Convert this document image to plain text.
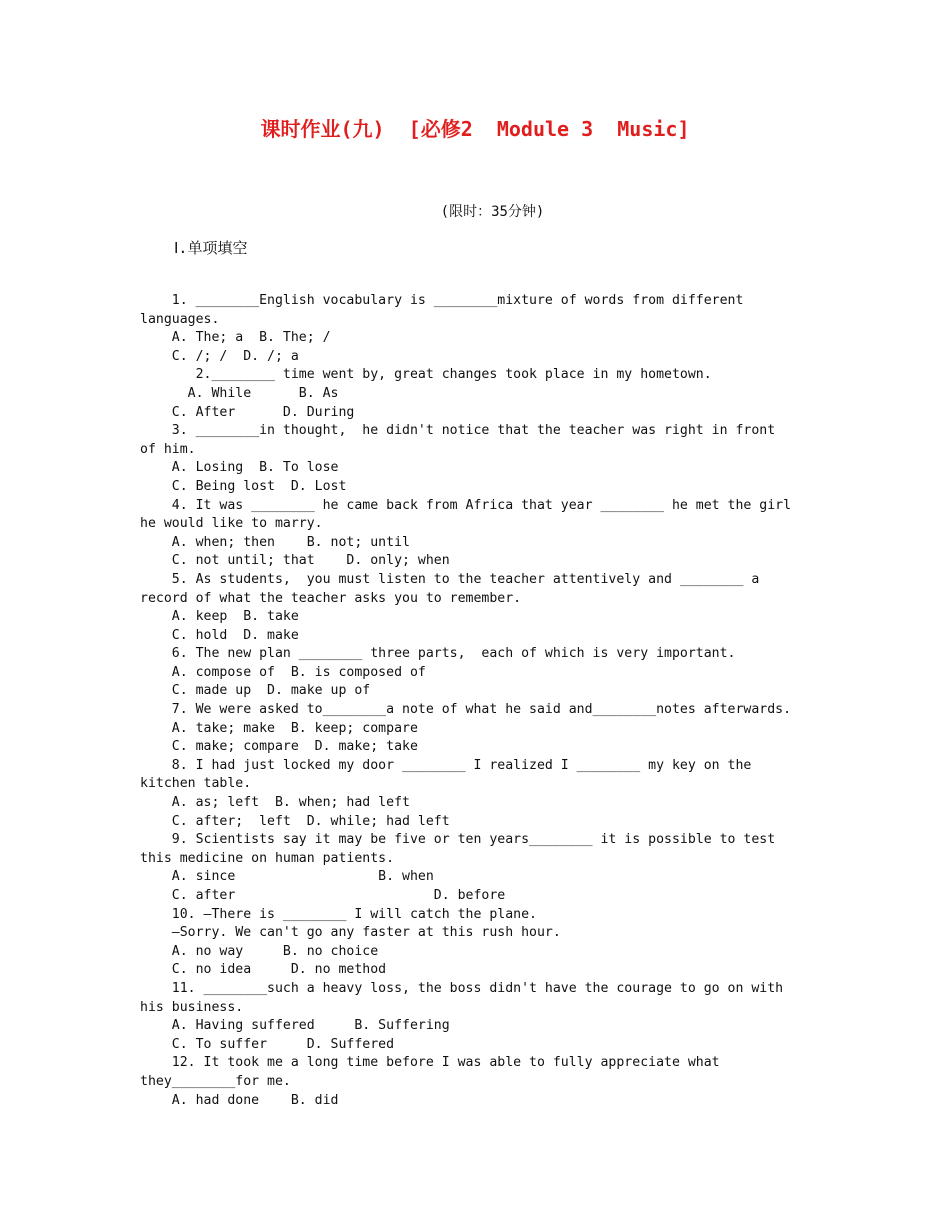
课时作业(九)  [必修2  Module 3  Music]
(限时：35分钟)
Ⅰ.单项填空
1. ________English vocabulary is ________mixture of words from different
languages.
A. The; a  B. The; /
C. /; /  D. /; a
2.________ time went by, great changes took place in my hometown.
A. While      B. As
C. After      D. During
3. ________in thought,  he didn't notice that the teacher was right in front
of him.
A. Losing  B. To lose
C. Being lost  D. Lost
4. It was ________ he came back from Africa that year ________ he met the girl
he would like to marry.
A. when; then    B. not; until
C. not until; that    D. only; when
5. As students,  you must listen to the teacher attentively and ________ a
record of what the teacher asks you to remember.
A. keep  B. take
C. hold  D. make
6. The new plan ________ three parts,  each of which is very important.
A. compose of  B. is composed of
C. made up  D. make up of
7. We were asked to________a note of what he said and________notes afterwards.
A. take; make  B. keep; compare
C. make; compare  D. make; take
8. I had just locked my door ________ I realized I ________ my key on the
kitchen table.
A. as; left  B. when; had left
C. after;  left  D. while; had left
9. Scientists say it may be five or ten years________ it is possible to test
this medicine on human patients.
A. since                  B. when
C. after                         D. before
10. —There is ________ I will catch the plane.
—Sorry. We can't go any faster at this rush hour.
A. no way     B. no choice
C. no idea     D. no method
11. ________such a heavy loss, the boss didn't have the courage to go on with
his business.
A. Having suffered     B. Suffering
C. To suffer     D. Suffered
12. It took me a long time before I was able to fully appreciate what
they________for me.
A. had done    B. did
